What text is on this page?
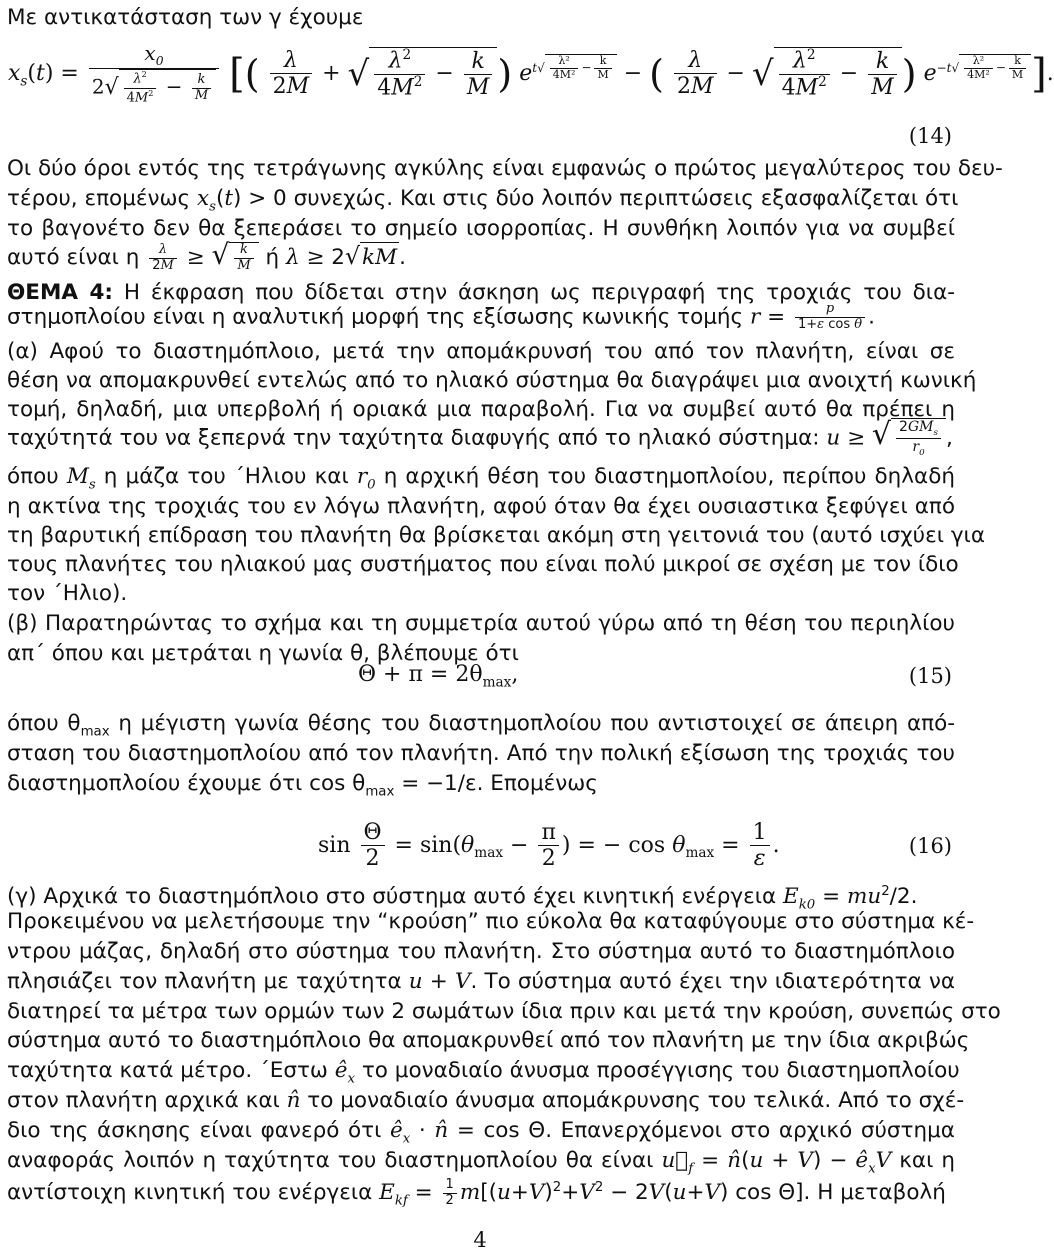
Με αντικατάσταση των γ έχουμε
$x_s(t) = \frac{x_0}{2√ \frac{\lambda^2}{4M^2} - \frac{k}{M}}$ [( $\frac{\lambda}{2M}$ + √ $\frac{\lambda^2}{4M^2} - \frac{k}{M}$ ) $e^{t√ \frac{\text{λ²}}{\text{4M²}} - \frac{k}{M}}$ − ( $\frac{\lambda}{2M}$ − √ $\frac{\lambda^2}{4M^2} - \frac{k}{M}$ ) $e^{-t√ \frac{\text{λ²}}{\text{4M²}} - \frac{k}{M}}$ ].
(14)
Οι δύο όροι εντός της τετράγωνης αγκύλης είναι εμφανώς ο πρώτος μεγαλύτερος του δευ-
τέρου, επομένως $x_s(t) > 0$ συνεχώς. Και στις δύο λοιπόν περιπτώσεις εξασφαλίζεται ότι
το βαγονέτο δεν θα ξεπεράσει το σημείο ισορροπίας. Η συνθήκη λοιπόν για να συμβεί
αυτό είναι η $\frac{\lambda}{2M}$ ≥ √ $\frac{k}{M}$ ή λ ≥ 2√kM.
ΘΕΜΑ 4: Η έκφραση που δίδεται στην άσκηση ως περιγραφή της τροχιάς του δια-
στημοπλοίου είναι η αναλυτική μορφή της εξίσωσης κωνικής τομής $r = \frac{p}{\text{1+ε cos θ}}$ .
(α) Αφού το διαστημόπλοιο, μετά την απομάκρυνσή του από τον πλανήτη, είναι σε
θέση να απομακρυνθεί εντελώς από το ηλιακό σύστημα θα διαγράψει μια ανοιχτή κωνική
τομή, δηλαδή, μια υπερβολή ή οριακά μια παραβολή. Για να συμβεί αυτό θα πρέπει η
ταχύτητά του να ξεπερνά την ταχύτητα διαφυγής από το ηλιακό σύστημα: u ≥ √ $\frac{2GM_s}{r_0}$ ,
όπου $M_s$ η μάζα του ΄Ηλιου και $r_0$ η αρχική θέση του διαστημοπλοίου, περίπου δηλαδή
η ακτίνα της τροχιάς του εν λόγω πλανήτη, αφού όταν θα έχει ουσιαστικα ξεφύγει από
τη βαρυτική επίδραση του πλανήτη θα βρίσκεται ακόμη στη γειτονιά του (αυτό ισχύει για
τους πλανήτες του ηλιακού μας συστήματος που είναι πολύ μικροί σε σχέση με τον ίδιο
τον ΄Ηλιο).
(β) Παρατηρώντας το σχήμα και τη συμμετρία αυτού γύρω από τη θέση του περιηλίου
απ΄ όπου και μετράται η γωνία θ, βλέπουμε ότι
$\Theta + \pi = 2\theta_{max}$,	(15)
όπου $\theta_{max}$ η μέγιστη γωνία θέσης του διαστημοπλοίου που αντιστοιχεί σε άπειρη από-
σταση του διαστημοπλοίου από τον πλανήτη. Από την πολική εξίσωση της τροχιάς του
διαστημοπλοίου έχουμε ότι $\cos \theta_{max} = -1/\varepsilon$. Επομένως
$\sin \frac{\Theta}{2} = \sin(\theta_{max} - \frac{\pi}{2}$ ) = − $\cos \theta_{max} = \frac{1}{\varepsilon}$ .	(16)
(γ) Αρχικά το διαστημόπλοιο στο σύστημα αυτό έχει κινητική ενέργεια $E_{k0} = mu^2/2$.
Προκειμένου να μελετήσουμε την “κρούση” πιο εύκολα θα καταφύγουμε στο σύστημα κέ-
ντρου μάζας, δηλαδή στο σύστημα του πλανήτη. Στο σύστημα αυτό το διαστημόπλοιο
πλησιάζει τον πλανήτη με ταχύτητα u + V. Το σύστημα αυτό έχει την ιδιατερότητα να
διατηρεί τα μέτρα των ορμών των 2 σωμάτων ίδια πριν και μετά την κρούση, συνεπώς στο
σύστημα αυτό το διαστημόπλοιο θα απομακρυνθεί από τον πλανήτη με την ίδια ακριβώς
ταχύτητα κατά μέτρο. ΄Εστω $ê_x$ το μοναδιαίο άνυσμα προσέγγισης του διαστημοπλοίου
στον πλανήτη αρχικά και n̂ το μοναδιαίο άνυσμα απομάκρυνσης του τελικά. Από το σχέ-
διο της άσκησης είναι φανερό ότι $ê_x$ · n̂ = cos Θ. Επανερχόμενοι στο αρχικό σύστημα
αναφοράς λοιπόν η ταχύτητα του διαστημοπλοίου θα είναι $u⃗_f$ = n̂(u + $V) - ê_xV$ και η
αντίστοιχη κινητική του ενέργεια $E_{kf} = \frac{1}{2} m[(u+V)^2+V^2 - 2V(u+V)$ cos Θ]. Η μεταβολή
4
